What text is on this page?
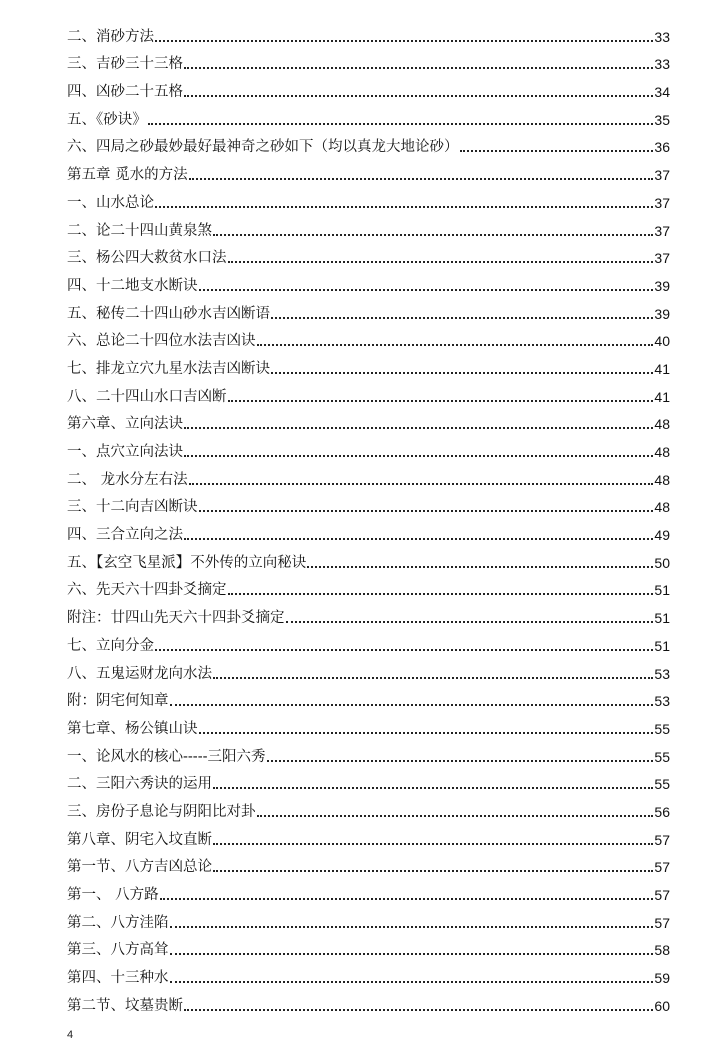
二、消砂方法	33
三、吉砂三十三格	33
四、凶砂二十五格	34
五、《砂诀》	35
六、四局之砂最妙最好最神奇之砂如下（均以真龙大地论砂）	36
第五章 觅水的方法	37
一、山水总论	37
二、论二十四山黄泉煞	37
三、杨公四大救贫水口法	37
四、十二地支水断诀	39
五、秘传二十四山砂水吉凶断语	39
六、总论二十四位水法吉凶诀	40
七、排龙立穴九星水法吉凶断诀	41
八、二十四山水口吉凶断	41
第六章、立向法诀	48
一、点穴立向法诀	48
二、 龙水分左右法	48
三、十二向吉凶断诀	48
四、三合立向之法	49
五、【玄空飞星派】不外传的立向秘诀	50
六、先天六十四卦爻摘定	51
附注：廿四山先天六十四卦爻摘定	51
七、立向分金	51
八、五鬼运财龙向水法	53
附：阴宅何知章	53
第七章、杨公镇山诀	55
一、论风水的核心-----三阳六秀	55
二、三阳六秀诀的运用	55
三、房份子息论与阴阳比对卦	56
第八章、阴宅入坟直断	57
第一节、八方吉凶总论	57
第一、 八方路	57
第二、八方洼陷	57
第三、八方高耸	58
第四、十三种水	59
第二节、坟墓贵断	60
4
